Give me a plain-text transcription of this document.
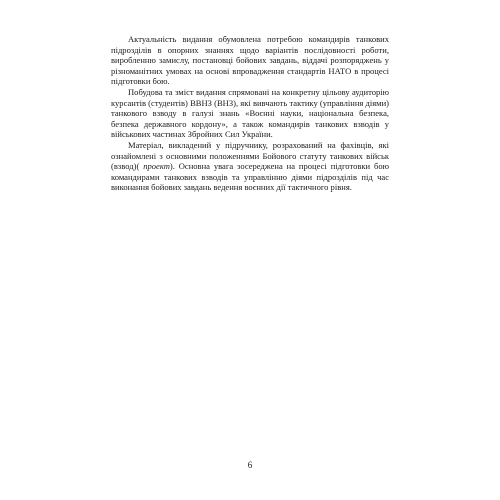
Актуальність видання обумовлена потребою командирів танкових підрозділів в опорних знаннях щодо варіантів послідовності роботи, виробленню замислу, постановці бойових завдань, віддачі розпоряджень у різноманітних умовах на основі впровадження стандартів НАТО в процесі підготовки бою.

Побудова та зміст видання спрямовані на конкретну цільову аудиторію курсантів (студентів) ВВНЗ (ВНЗ), які вивчають тактику (управління діями) танкового взводу в галузі знань «Воєнні науки, національна безпека, безпека державного кордону», а також командирів танкових взводів у військових частинах Збройних Сил України.

Матеріал, викладений у підручнику, розрахований на фахівців, які ознайомлені з основними положеннями Бойового статуту танкових військ (взвод)( проект). Основна увага зосереджена на процесі підготовки бою командирами танкових взводів та управлінню діями підрозділів під час виконання бойових завдань ведення воєнних дії тактичного рівня.

6
